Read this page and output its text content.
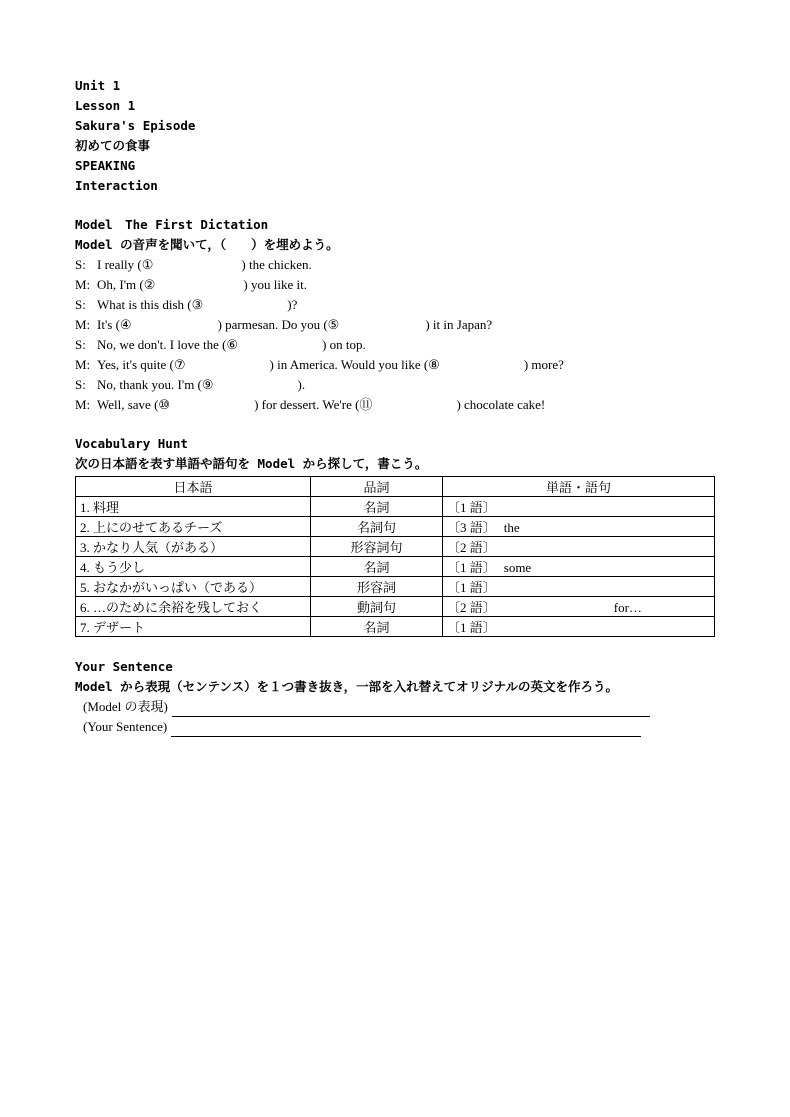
Unit 1
Lesson 1
Sakura's Episode
初めての食事
SPEAKING
Interaction
Model　The First Dictation
Model の音声を聞いて，（　　）を埋めよう。
S: I really (①	) the chicken.
M: Oh, I'm (②	) you like it.
S: What is this dish (③	)?
M: It's (④	) parmesan. Do you (⑤	) it in Japan?
S: No, we don't. I love the (⑥	) on top.
M: Yes, it's quite (⑦	) in America. Would you like (⑧	) more?
S: No, thank you. I'm (⑨	).
M: Well, save (⑩	) for dessert. We're (⑪	) chocolate cake!
Vocabulary Hunt
次の日本語を表す単語や語句を Model から探して，書こう。
日本語	品詞	単語・語句
1. 料理	名詞	〔1 語〕
2. 上にのせてあるチーズ	名詞句	〔3 語〕 the
3. かなり人気（がある）	形容詞句	〔2 語〕
4. もう少し	名詞	〔1 語〕 some
5. おなかがいっぱい（である）	形容詞	〔1 語〕
6. …のために余裕を残しておく	動詞句	〔2 語〕 for…
7. デザート	名詞	〔1 語〕
Your Sentence
Model から表現（センテンス）を１つ書き抜き，一部を入れ替えてオリジナルの英文を作ろう。
(Model の表現)
(Your Sentence)
